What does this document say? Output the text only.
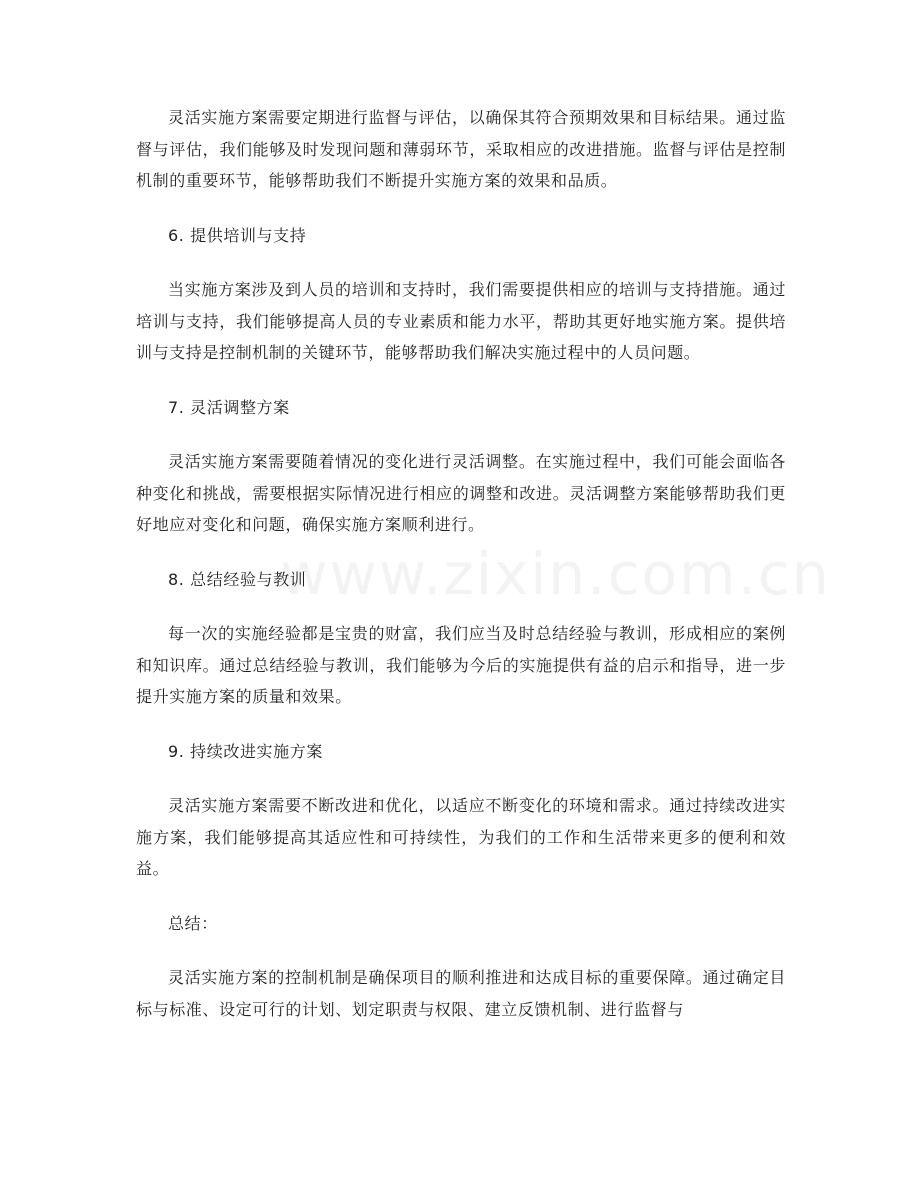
www.zixin.com.cn

灵活实施方案需要定期进行监督与评估，以确保其符合预期效果和目标结果。通过监督与评估，我们能够及时发现问题和薄弱环节，采取相应的改进措施。监督与评估是控制机制的重要环节，能够帮助我们不断提升实施方案的效果和品质。

6. 提供培训与支持

当实施方案涉及到人员的培训和支持时，我们需要提供相应的培训与支持措施。通过培训与支持，我们能够提高人员的专业素质和能力水平，帮助其更好地实施方案。提供培训与支持是控制机制的关键环节，能够帮助我们解决实施过程中的人员问题。

7. 灵活调整方案

灵活实施方案需要随着情况的变化进行灵活调整。在实施过程中，我们可能会面临各种变化和挑战，需要根据实际情况进行相应的调整和改进。灵活调整方案能够帮助我们更好地应对变化和问题，确保实施方案顺利进行。

8. 总结经验与教训

每一次的实施经验都是宝贵的财富，我们应当及时总结经验与教训，形成相应的案例和知识库。通过总结经验与教训，我们能够为今后的实施提供有益的启示和指导，进一步提升实施方案的质量和效果。

9. 持续改进实施方案

灵活实施方案需要不断改进和优化，以适应不断变化的环境和需求。通过持续改进实施方案，我们能够提高其适应性和可持续性，为我们的工作和生活带来更多的便利和效益。

总结：

灵活实施方案的控制机制是确保项目的顺利推进和达成目标的重要保障。通过确定目标与标准、设定可行的计划、划定职责与权限、建立反馈机制、进行监督与
